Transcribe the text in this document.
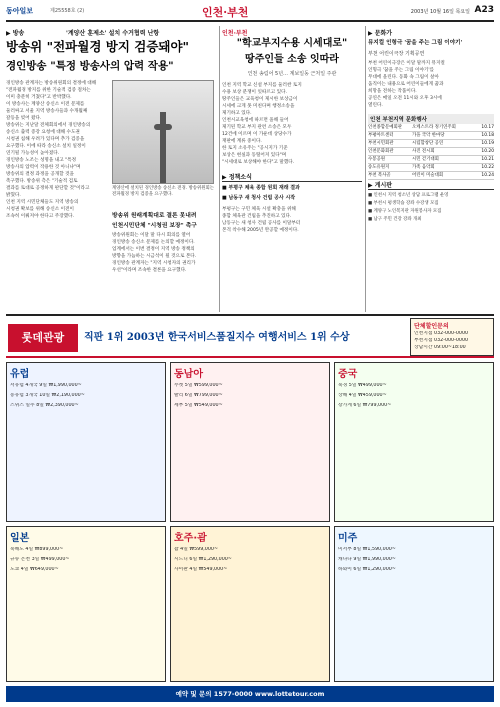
동아일보	제25558호 (2)	인천·부천	2003년 10월 16일 목요일 A23
▶ 방송	'계양산 훈제소' 설치 수거협력 난항
방송위 "전파월경 방지 검증돼야"
경인방송 "특정 방송사의 압력 작용"
경인방송 관계자는 방송위원회의 결정에 대해
"전파월경 방지를 위한 기술적 검증 절차는
이미 충분히 거쳤다"고 반박했다.
이 방송사는 계양산 송신소 이전 문제를
둘러싸고 서울 지역 방송사들과 수개월째
갈등을 빚어 왔다.
방송위는 지난달 전체회의에서 경인방송의
송신소 출력 증강 요청에 대해 수도권
시청권 침해 우려가 있다며 추가 검증을
요구했다. 이에 따라 송신소 설치 일정이
연기될 가능성이 높아졌다.
경인방송 노조는 성명을 내고 "특정
방송사의 압력이 작용한 것 아니냐"며
방송위의 결정 과정을 공개할 것을
촉구했다. 방송위 측은 "기술적 검토
결과를 토대로 공정하게 판단할 것"이라고
밝혔다.
인천 지역 시민단체들도 지역 방송의
시청권 확보를 위해 송신소 이전이
조속히 이뤄져야 한다고 주장했다.
계양산에 설치된 경인방송 송신소 전경. 방송위원회는 전파월경 방지 검증을 요구했다.
방송위 원래계획대로 결론 못내려
인천시민단체 "시청권 보장" 촉구
방송위원회는 이달 말 다시 회의를 열어
경인방송 송신소 문제를 논의할 예정이다.
업계에서는 이번 결정이 지역 방송 정책의
방향을 가늠하는 시금석이 될 것으로 본다.
경인방송 관계자는 "지역 시청자의 권리가
우선"이라며 조속한 결론을 요구했다.
인천·부천
"학교부지수용 시세대로"
땅주인들 소송 잇따라
인천 송림어 5년… 계보일동 근처일 주관
인천 지역 학교 신설 부지를 둘러싼 토지
수용 보상 분쟁이 잇따르고 있다.
땅주인들은 교육청이 제시한 보상금이
시세에 크게 못 미친다며 행정소송을
제기하고 있다.
인천시교육청에 따르면 올해 들어
제기된 학교 부지 관련 소송은 모두
12건에 이르며 이 가운데 상당수가
재판에 계류 중이다.
한 토지 소유주는 "공시지가 기준
보상은 현실과 동떨어져 있다"며
"시세대로 보상해야 한다"고 말했다.
▶ 정책소식
■ 부평구 체육 종합 원회 재래 결과
■ 남동구 새 청사 건립 공사 시작
부평구는 구민 체육 시설 확충을 위해
종합 체육관 건립을 추진하고 있다.
남동구는 새 청사 건립 공사를 이달부터
본격 착수해 2005년 완공할 예정이다.
▶ 문화가
뮤지컬 인형극 '꿈을 주는 그림 이야기'
부천 어린이극장 기획공연
부천 어린이극장은 이달 말까지 뮤지컬
인형극 '꿈을 주는 그림 이야기'를
무대에 올린다. 동화 속 그림이 살아
움직이는 내용으로 어린이들에게 꿈과
희망을 전하는 작품이다.
공연은 매일 오전 11시와 오후 3시에
열린다.
인천 부천지역 문화행사
인천종합문예회관	오케스트라 정기연주회	10.17
부평아트센터	가을 국악 한마당	10.18
부천시민회관	시립합창단 공연	10.19
인천문화회관	사진 전시회	10.20
수봉공원	시민 걷기대회	10.21
송도유원지	가족 음악회	10.22
부천 복사골	어린이 미술대회	10.24
▶ 게시판
■ 인천시 지역 청소년 상담 프로그램 운영
■ 부천시 평생학습 강좌 수강생 모집
■ 계양구 노인복지관 자원봉사자 모집
■ 남구 주민 건강 강좌 개최
롯데관광	직판 1위 2003년 한국서비스품질지수 여행서비스 1위 수상
단체할인문의
인천지점 032-000-0000
부천지점 032-000-0000
상담시간 09:00~18:00
유럽
서유럽 4개국 9일 ₩1,990,000~
동유럽 3개국 10일 ₩2,190,000~
스위스 일주 8일 ₩2,390,000~
동남아
푸켓 5일 ₩599,000~
발리 6일 ₩799,000~
세부 5일 ₩549,000~
중국
북경 5일 ₩499,000~
상해 4일 ₩459,000~
장가계 6일 ₩799,000~
일본
북해도 4일 ₩899,000~
규슈 온천 3일 ₩499,000~
도쿄 4일 ₩649,000~
호주·괌
괌 4일 ₩599,000~
시드니 6일 ₩1,290,000~
사이판 4일 ₩549,000~
미주
미서부 8일 ₩1,590,000~
캐나다 9일 ₩1,990,000~
하와이 6일 ₩1,290,000~
예약 및 문의 1577-0000 www.lottetour.com
